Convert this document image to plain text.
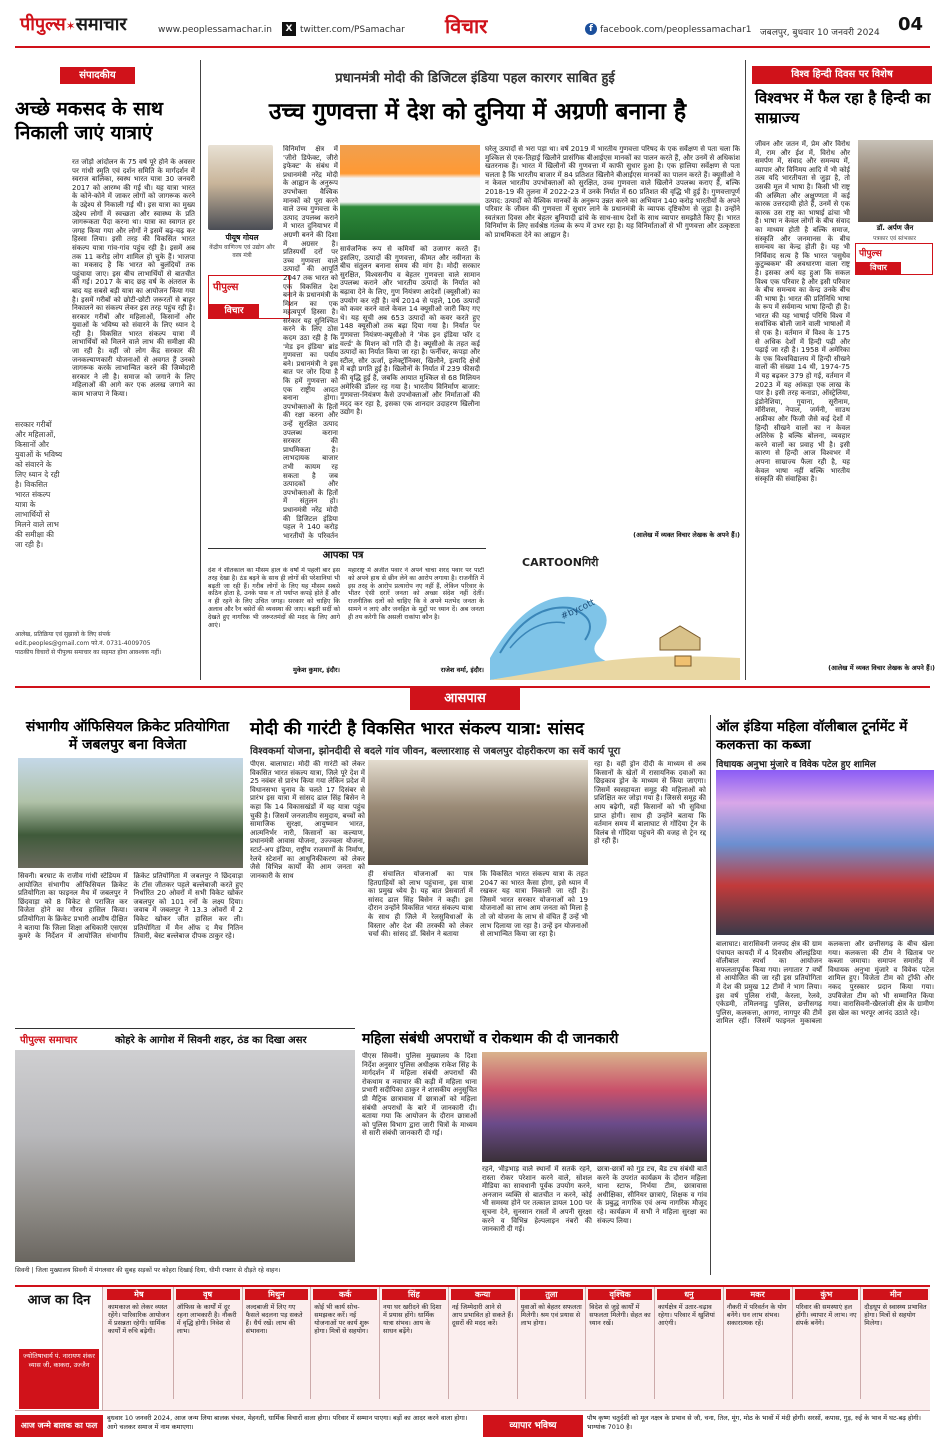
पीपुल्स✶समाचार	www.peoplessamachar.in	X twitter.com/PSamachar विचार	f facebook.com/peoplessamachar1 जबलपुर, बुधवार 10 जनवरी 2024 04
संपादकीय
अच्छे मकसद के साथ निकाली जाएं यात्राएं
सरकार गरीबों और महिलाओं, किसानों और युवाओं के भविष्य को संवारने के लिए ध्यान दे रही है। विकसित भारत संकल्प यात्रा के लाभार्थियों से मिलने वाले लाभ की समीक्षा की जा रही है।
रत जोड़ो आंदोलन के 75 वर्ष पूरे होने के अवसर पर गांधी स्मृति एवं दर्शन समिति के मार्गदर्शन में स्वराज बालिका, स्वस्थ भारत यात्रा 30 जनवरी 2017 को आरम्भ की गई थी। यह यात्रा भारत के कोने-कोने में जाकर लोगों को जागरूक करने के उद्देश्य से निकाली गई थी। इस यात्रा का मुख्य उद्देश्य लोगों में स्वच्छता और स्वास्थ्य के प्रति जागरूकता पैदा करना था। यात्रा का स्वागत हर जगह किया गया और लोगों ने इसमें बढ़-चढ़ कर हिस्सा लिया। इसी तरह की विकसित भारत संकल्प यात्रा गांव-गांव पहुंच रही है। इसमें अब तक 11 करोड़ लोग शामिल हो चुके हैं। भाजपा का मकसद है कि भारत को बुलंदियों तक पहुंचाया जाए। इस बीच लाभार्थियों से बातचीत की गई। 2017 के बाद छह वर्ष के अंतराल के बाद यह सबसे बड़ी यात्रा का आयोजन किया गया है। इसमें गरीबों को छोटी-छोटी जरूरतों से बाहर निकालने का संकल्प लेकर इस तरह पहुंच रही है। सरकार गरीबों और महिलाओं, किसानों और युवाओं के भविष्य को संवारने के लिए ध्यान दे रही है। विकसित भारत संकल्प यात्रा में लाभार्थियों को मिलने वाले लाभ की समीक्षा की जा रही है। वहीं जो लोग केंद्र सरकार की जनकल्याणकारी योजनाओं से अवगत हैं उनको जागरूक करके लाभान्वित करने की जिम्मेदारी सरकार ने ली है। समाज को जगाने के लिए महिलाओं की आगे कर एक अलख जगाने का काम भाजपा ने किया।
आलेख, प्रतिक्रिया एवं सुझावों के लिए संपर्क
edit.peoples@gmail.com फो.नं. 0731-4009705
पाठकीय विचारों से पीपुल्स समाचार का सहमत होना आवश्यक नहीं।
प्रधानमंत्री मोदी की डिजिटल इंडिया पहल कारगर साबित हुई
उच्च गुणवत्ता में देश को दुनिया में अग्रणी बनाना है
पीयूष गोयल
केंद्रीय वाणिज्य एवं उद्योग और वस्त्र मंत्री
पीपुल्स
विचार
विनिर्माण क्षेत्र में 'जीरो डिफेक्ट, जीरो इफेक्ट' के संबंध में प्रधानमंत्री नरेंद्र मोदी के आह्वान के अनुरूप उपभोक्ता वैश्विक मानकों को पूरा करने वाले उच्च गुणवत्ता के उत्पाद उपलब्ध कराने में भारत दुनियाभर में अग्रणी बनने की दिशा में अग्रसर है। प्रतिस्पर्धी दरों पर उच्च गुणवत्ता वाले उत्पादों की आपूर्ति 2047 तक भारत को एक विकसित देश बनाने के प्रधानमंत्री के मिशन का एक महत्वपूर्ण हिस्सा है। सरकार यह सुनिश्चित करने के लिए ठोस कदम उठा रही है कि 'मेड इन इंडिया' ब्रांड गुणवत्ता का पर्याय बने। प्रधानमंत्री ने इस बात पर जोर दिया है कि हमें गुणवत्ता को एक राष्ट्रीय आदत बनाना होगा। उपभोक्ताओं के हितों की रक्षा करना और उन्हें सुरक्षित उत्पाद उपलब्ध कराना सरकार की प्राथमिकता है। लाभदायक बाजार तभी कायम रह सकता है जब उत्पादकों और उपभोक्ताओं के हितों में संतुलन हो। प्रधानमंत्री नरेंद्र मोदी की डिजिटल इंडिया पहल ने 140 करोड़ भारतीयों के परिवर्तन
सार्वजनिक रूप से कमियों को उजागर करते हैं। इसलिए, उत्पादों की गुणवत्ता, कीमत और नवीनता के बीच संतुलन बनाना समय की मांग है। मोदी सरकार सुरक्षित, विश्वसनीय व बेहतर गुणवत्ता वाले सामान उपलब्ध कराने और भारतीय उत्पादों के निर्यात को बढ़ावा देने के लिए, गुण नियंत्रण आदेशों (क्यूसीओ) का उपयोग कर रही है। वर्ष 2014 से पहले, 106 उत्पादों को कवर करने वाले केवल 14 क्यूसीओ जारी किए गए थे। यह सूची अब 653 उत्पादों को कवर करते हुए 148 क्यूसीओ तक बढ़ा दिया गया है। निर्यात पर गुणवत्ता नियंत्रण-क्यूसीओ ने 'मेक इन इंडिया फॉर द वर्ल्ड' के मिशन को गति दी है। क्यूसीओ के तहत कई उत्पादों का निर्यात किया जा रहा है। फर्नीचर, कपड़ा और स्टील, सौर ऊर्जा, इलेक्ट्रॉनिक्स, खिलौने, इत्यादि क्षेत्रों में बड़ी प्रगति हुई है। खिलौनों के निर्यात में 239 फीसदी की वृद्धि हुई है, जबकि आयात मुश्किल से 68 मिलियन अमेरिकी डॉलर रह गया है। भारतीय विनिर्माण बाजार: गुणवत्ता-नियंत्रण कैसे उपभोक्ताओं और निर्माताओं की मदद कर रहा है, इसका एक शानदार उदाहरण खिलौना उद्योग है।
घरेलू उत्पादों से भरा पड़ा था। वर्ष 2019 में भारतीय गुणवत्ता परिषद के एक सर्वेक्षण से पता चला कि मुश्किल से एक-तिहाई खिलौने प्रासंगिक बीआईएस मानकों का पालन करते हैं, और उनमें से अधिकांश खतरनाक हैं। भारत में खिलौनों की गुणवत्ता में काफी सुधार हुआ है। एक हालिया सर्वेक्षण से पता चलता है कि भारतीय बाजार में 84 प्रतिशत खिलौने बीआईएस मानकों का पालन करते हैं। क्यूसीओ ने न केवल भारतीय उपभोक्ताओं को सुरक्षित, उच्च गुणवत्ता वाले खिलौने उपलब्ध कराए हैं, बल्कि 2018-19 की तुलना में 2022-23 में उनके निर्यात में 60 प्रतिशत की वृद्धि भी हुई है। गुणवत्तापूर्ण उत्पाद: उत्पादों को वैश्विक मानकों के अनुरूप उन्नत करने का अभियान 140 करोड़ भारतीयों के अपने परिवार के जीवन की गुणवत्ता में सुधार लाने के प्रधानमंत्री के व्यापक दृष्टिकोण से जुड़ा है। उन्होंने स्वतंत्रता दिवस और बेहतर बुनियादी ढांचे के साथ-साथ देशों के साथ व्यापार समझौते किए हैं। भारत विनिर्माण के लिए सर्वश्रेष्ठ गंतव्य के रूप में उभर रहा है। यह विनिर्माताओं से भी गुणवत्ता और उत्कृष्टता को प्राथमिकता देने का आह्वान है।
(आलेख में व्यक्त विचार लेखक के अपने हैं।)
विश्व हिन्दी दिवस पर विशेष
विश्वभर में फैल रहा है हिन्दी का साम्राज्य
डॉ. अर्पण जैन
पत्रकार एवं स्तंभकार
पीपुल्स
विचार
जीवन और जतन में, प्रेम और विरोध में, राम और ईश में, विरोध और समर्पण में, संवाद और समन्वय में, व्यापार और विनिमय आदि में भी कोई तत्व यदि भारतीयता से जुड़ा है, तो उसकी मूल में भाषा है। किसी भी राष्ट्र की अस्मिता और अक्षुण्णता में कई कारक उत्तरदायी होते हैं, उनमें से एक कारक उस राष्ट्र का भाषाई ढांचा भी है। भाषा न केवल लोगों के बीच संवाद का माध्यम होती है बल्कि समाज, संस्कृति और जनमानस के बीच समन्वय का केन्द्र होती है। यह भी निर्विवाद सत्य है कि भारत 'वसुधैव कुटुम्बकम' की अवधारणा वाला राष्ट्र है। इसका अर्थ यह हुआ कि सकल विश्व एक परिवार है और इसी परिवार के बीच समन्वय का केन्द्र उनके बीच की भाषा है। भारत की प्रतिनिधि भाषा के रूप में सर्वमान्य भाषा हिन्दी ही है। भारत की यह भाषाई परिधि विश्व में सर्वाधिक बोली जाने वाली भाषाओं में से एक है। वर्तमान में विश्व के 175 से अधिक देशों में हिन्दी पढ़ी और पढ़ाई जा रही है। 1958 में अमेरिका के एक विश्वविद्यालय में हिन्दी सीखने वालों की संख्या 14 थी, 1974-75 में यह बढ़कर 379 हो गई, वर्तमान में 2023 में यह आंकड़ा एक लाख के पार है। इसी तरह कनाडा, ऑस्ट्रेलिया, इंडोनेशिया, गुयाना, सूरीनाम, मॉरीशस, नेपाल, जर्मनी, साउथ अफ्रीका और फिजी जैसे कई देशों में हिन्दी सीखने वालों का न केवल अतिरेक है बल्कि बोलना, व्यवहार करने वालों का प्रवाह भी है। इसी कारण से हिन्दी आज विश्वभर में अपना साम्राज्य फैला रही है, यह केवल भाषा नहीं बल्कि भारतीय संस्कृति की संवाहिका है।
(आलेख में व्यक्त विचार लेखक के अपने हैं।)
आपका पत्र
देश ने शीतकाल का मौसम हाल के वर्षों में पहली बार इस तरह देखा है। ठंड बढ़ने के साथ ही लोगों की परेशानियां भी बढ़ती जा रही हैं। गरीब लोगों के लिए यह मौसम सबसे कठिन होता है, उनके पास न तो पर्याप्त कपड़े होते हैं और न ही रहने के लिए उचित जगह। सरकार को चाहिए कि अलाव और रैन बसेरों की व्यवस्था की जाए। बढ़ती सर्दी को देखते हुए नागरिक भी जरूरतमंदों की मदद के लिए आगे आएं।
मुकेश कुमार, इंदौर।
महाराष्ट्र में अजीत पवार ने अपने चाचा शरद पवार पर पार्टी को अपने हाथ से छीन लेने का आरोप लगाया है। राजनीति में इस तरह के आरोप प्रत्यारोप नए नहीं हैं, लेकिन परिवार के भीतर ऐसी दरारें जनता को अच्छा संदेश नहीं देतीं। राजनीतिक दलों को चाहिए कि वे अपने मतभेद जनता के सामने न लाएं और जनहित के मुद्दों पर ध्यान दें। अब जनता ही तय करेगी कि असली राकांपा कौन है।
राजेश वर्मा, इंदौर।
CARTOONगिरी
#bycott
आसपास
संभागीय ऑफिसियल क्रिकेट प्रतियोगिता में जबलपुर बना विजेता
सिवनी। बरघाट के राजीव गांधी स्टेडियम में आयोजित संभागीय ऑफिसियल क्रिकेट प्रतियोगिता का फाइनल मैच में जबलपुर ने छिंदवाड़ा को 8 विकेट से पराजित कर विजेता होने का गौरव हासिल किया। प्रतियोगिता के क्रिकेट प्रभारी आशीष दीक्षित ने बताया कि जिला शिक्षा अधिकारी एसएस कुमरे के निर्देशन में आयोजित संभागीय क्रिकेट प्रतियोगिता में जबलपुर ने छिंदवाड़ा के टॉस जीतकर पहले बल्लेबाजी करते हुए निर्धारित 20 ओवरों में सभी विकेट खोकर जबलपुर को 101 रनों के लक्ष्य दिया। जवाब में जबलपुर ने 13.3 ओवरों में 2 विकेट खोकर जीत हासिल कर ली। प्रतियोगिता में मैन ऑफ द मैच नितिन तिवारी, बेस्ट बल्लेबाज दीपक ठाकुर रहे।
मोदी की गारंटी है विकसित भारत संकल्प यात्रा: सांसद
विश्वकर्मा योजना, झोनदीदी से बदले गांव जीवन, बल्लारशाह से जबलपुर दोहरीकरण का सर्वे कार्य पूरा
पीएस. बालाघाट। मोदी की गारंटी को लेकर विकसित भारत संकल्प यात्रा, जिले पूरे देश में 25 नवंबर से प्रारंभ किया गया लेकिन प्रदेश में विधानसभा चुनाव के चलते 17 दिसंबर से प्रारंभ इस यात्रा में सांसद ढाल सिंह बिसेन ने कहा कि 14 विकासखंडों में यह यात्रा पहुंच चुकी है। जिसमें जनजातीय समुदाय, बच्चों को सामाजिक सुरक्षा, आयुष्मान भारत, आत्मनिर्भर नारी, किसानों का कल्याण, प्रधानमंत्री आवास योजना, उज्ज्वला योजना, स्टार्ट-अप इंडिया, राष्ट्रीय राजमार्गों के निर्माण, रेलवे स्टेशनों का आधुनिकीकरण को लेकर जैसे विभिन्न कार्यों की आम जनता को जानकारी के साथ	ही संचालित योजनाओं का पात्र हितग्राहियों को लाभ पहुंचाना, इस यात्रा का प्रमुख ध्येय है। यह बात प्रेसवार्ता में सांसद ढाल सिंह बिसेन ने कही। इस दौरान उन्होंने विकसित भारत संकल्प यात्रा के साथ ही जिले में रेलसुविधाओं के विस्तार और देश की तरक्की को लेकर चर्चा की। सांसद डॉ. बिसेन ने बताया
कि विकसित भारत संकल्प यात्रा के तहत 2047 का भारत कैसा होगा, इसे ध्यान में रखकर यह यात्रा निकाली जा रही है। जिसमें भारत सरकार योजनाओं को 19 योजनाओं का लाभ आम जनता को मिला है तो जो योजना के लाभ से वंचित हैं उन्हें भी लाभ दिलाया जा रहा है। उन्हें इन योजनाओं से लाभान्वित किया जा रहा है।
रहा है। वहीं ड्रोन दीदी के माध्यम से अब किसानों के खेतों में रासायनिक दवाओं का छिड़काव ड्रोन के माध्यम से किया जाएगा। जिसमें स्वसहायता समूह की महिलाओं को प्रशिक्षित कर जोड़ा गया है। जिससे समूह की आय बढ़ेगी, वहीं किसानों को भी सुविधा प्राप्त होगी। साथ ही उन्होंने बताया कि वर्तमान समय में बालाघाट से गोंदिया ट्रेन के विलंब से गोंदिया पहुंचने की वजह से ट्रेन रद्द हो रही हैं।
ऑल इंडिया महिला वॉलीबाल टूर्नामेंट में कलकत्ता का कब्जा
विधायक अनुभा मुंजारे व विवेक पटेल हुए शामिल
बालाघाट। वारासिवनी जनपद क्षेत्र की ग्राम पंचायत कायदी में 4 दिवसीय ऑलइंडिया वॉलीबाल स्पर्धा का आयोजन सफलतापूर्वक किया गया। लगातार 7 वर्षों से आयोजित की जा रही इस प्रतियोगिता में देश की प्रमुख 12 टीमों ने भाग लिया। इस वर्ष पुलिस रांची, केरला, रेलवे, एकेडमी, तमिलनाडु पुलिस, छत्तीसगढ़ पुलिस, कलकत्ता, आगरा, नागपुर की टीमें शामिल रहीं। जिसमें फाइनल मुकाबला कलकत्ता और छत्तीसगढ़ के बीच खेला गया। कलकत्ता की टीम ने खिताब पर कब्जा जमाया। समापन समारोह में विधायक अनुभा मुंजारे व विवेक पटेल शामिल हुए। विजेता टीम को ट्रॉफी और नकद पुरस्कार प्रदान किया गया। उपविजेता टीम को भी सम्मानित किया गया। वारासिवनी-खैरलांजी क्षेत्र के ग्रामीण इस खेल का भरपूर आनंद उठाते रहे।
पीपुल्स समाचार	कोहरे के आगोश में सिवनी शहर, ठंड का दिखा असर
सिवनी | जिला मुख्यालय सिवनी में मंगलवार की सुबह सड़कों पर कोहरा दिखाई दिया, धीमी रफ्तार से दौड़ते रहे वाहन।
महिला संबंधी अपराधों व रोकथाम की दी जानकारी
पीएस सिवनी। पुलिस मुख्यालय के दिशा निर्देश अनुसार पुलिस अधीक्षक राकेश सिंह के मार्गदर्शन में महिला संबंधी अपराधों की रोकथाम व नवाचार की कड़ी में महिला थाना प्रभारी सदीपिका ठाकुर ने शासकीय अनुसूचित प्री मैट्रिक छात्रावास में छात्राओं को महिला संबंधी अपराधों के बारे में जानकारी दी। बताया गया कि आयोजन के दौरान छात्राओं को पुलिस विभाग द्वारा जारी चित्रों के माध्यम से सारी संबंधी जानकारी दी गई।
रहने, भीड़भाड़ वाले स्थानों में सतर्क रहने, रास्ता रोकर परेशान करने वाले, सोशल मीडिया का सावधानी पूर्वक उपयोग करने, अनजान व्यक्ति से बातचीत न करने, कोई भी समस्या होने पर तत्काल डायल 100 पर सूचना देने, सुनसान रास्तों में अपनी सुरक्षा करने व विभिन्न हेल्पलाइन नंबरों की जानकारी दी गई।
छात्रा-छात्रों को गुड टच, बैड टच संबंधी बातें करने के उपरांत कार्यक्रम के दौरान महिला थाना स्टाफ, निर्भया टीम, छात्रावास अधीक्षिका, सीनियर छात्राएं, शिक्षक व गांव के प्रबुद्ध नागरिक एवं अन्य नागरिक मौजूद रहे। कार्यक्रम में सभी ने महिला सुरक्षा का संकल्प लिया।
आज का दिन
ज्योतिषाचार्य पं. नारायण शंकर व्यास जी, काकरा, उज्जैन
मेष
कामकाज को लेकर व्यस्त रहेंगे। पारिवारिक आयोजन में प्रसन्नता रहेगी। धार्मिक कार्यों में रुचि बढ़ेगी।
वृष
ऑफिस के कार्यों में दूर रहना लाभकारी है। नौकरी में वृद्धि होगी। निवेश से लाभ।
मिथुन
जल्दबाजी में लिए गए फैसले बदलना पड़ सकते हैं। धैर्य रखें। लाभ की संभावना।
कर्क
कोई भी कार्य सोच-समझकर करें। नई योजनाओं पर कार्य शुरू होगा। मित्रों से सहयोग।
सिंह
नया घर खरीदने की दिशा में प्रयास होंगे। धार्मिक यात्रा संभव। आय के साधन बढ़ेंगे।
कन्या
नई जिम्मेदारी आने से आप प्रभावित हो सकते हैं। दूसरों की मदद करें।
तुला
युवाओं को बेहतर सफलता मिलेगी। श्रम एवं प्रयास से लाभ होगा।
वृश्चिक
विदेश से जुड़े कार्यों में सफलता मिलेगी। सेहत का ध्यान रखें।
धनु
कार्यक्षेत्र में उतार-चढ़ाव रहेगा। परिवार में खुशियां आएंगी।
मकर
नौकरी में परिवर्तन के योग बनेंगे। धन लाभ संभव। सकारात्मक रहें।
कुंभ
परिवार की समस्याएं हल होंगी। व्यापार में लाभ। नए संपर्क बनेंगे।
मीन
दौड़धूप से स्वास्थ्य प्रभावित होगा। मित्रों से सहयोग मिलेगा।
आज जन्मे बालक का फल
बुधवार 10 जनवरी 2024, आज जन्म लिया बालक चंचल, मेहनती, धार्मिक विचारों वाला होगा। परिवार में सम्मान पाएगा। बड़ों का आदर करने वाला होगा। आगे चलकर समाज में नाम कमाएगा।	व्यापार भविष्य
पौष कृष्ण चतुर्दशी को मूल नक्षत्र के प्रभाव से जौ, चना, तिल, मूंग, मोठ के भावों में मंदी होगी। सरसों, कपास, गुड़, रुई के भाव में घट-बढ़ होगी। भाग्यांक 7010 है।
